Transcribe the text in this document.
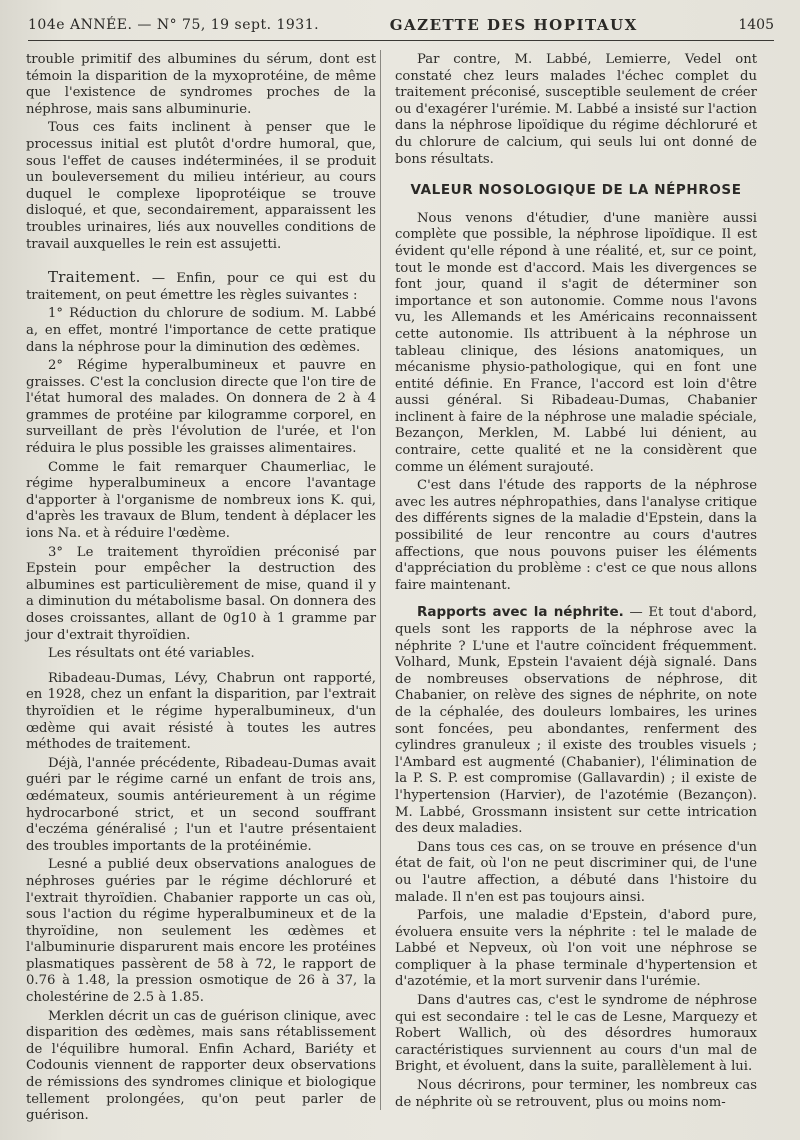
104e ANNÉE. — N° 75, 19 sept. 1931.	GAZETTE DES HOPITAUX	1405

trouble primitif des albumines du sérum, dont est témoin la disparition de la myxoprotéine, de même que l'existence de syndromes proches de la néphrose, mais sans albuminurie.

Tous ces faits inclinent à penser que le processus initial est plutôt d'ordre humoral, que, sous l'effet de causes indéterminées, il se produit un bouleversement du milieu intérieur, au cours duquel le complexe lipoprotéique se trouve disloqué, et que, secondairement, apparaissent les troubles urinaires, liés aux nouvelles conditions de travail auxquelles le rein est assujetti.

Traitement. — Enfin, pour ce qui est du traitement, on peut émettre les règles suivantes :

1° Réduction du chlorure de sodium. M. Labbé a, en effet, montré l'importance de cette pratique dans la néphrose pour la diminution des œdèmes.

2° Régime hyperalbumineux et pauvre en graisses. C'est la conclusion directe que l'on tire de l'état humoral des malades. On donnera de 2 à 4 grammes de protéine par kilogramme corporel, en surveillant de près l'évolution de l'urée, et l'on réduira le plus possible les graisses alimentaires.

Comme le fait remarquer Chaumerliac, le régime hyperalbumineux a encore l'avantage d'apporter à l'organisme de nombreux ions K. qui, d'après les travaux de Blum, tendent à déplacer les ions Na. et à réduire l'œdème.

3° Le traitement thyroïdien préconisé par Epstein pour empêcher la destruction des albumines est particulièrement de mise, quand il y a diminution du métabolisme basal. On donnera des doses croissantes, allant de 0g10 à 1 gramme par jour d'extrait thyroïdien.

Les résultats ont été variables.

Ribadeau-Dumas, Lévy, Chabrun ont rapporté, en 1928, chez un enfant la disparition, par l'extrait thyroïdien et le régime hyperalbumineux, d'un œdème qui avait résisté à toutes les autres méthodes de traitement.

Déjà, l'année précédente, Ribadeau-Dumas avait guéri par le régime carné un enfant de trois ans, œdémateux, soumis antérieurement à un régime hydrocarboné strict, et un second souffrant d'eczéma généralisé ; l'un et l'autre présentaient des troubles importants de la protéinémie.

Lesné a publié deux observations analogues de néphroses guéries par le régime déchloruré et l'extrait thyroïdien. Chabanier rapporte un cas où, sous l'action du régime hyperalbumineux et de la thyroïdine, non seulement les œdèmes et l'albuminurie disparurent mais encore les protéines plasmatiques passèrent de 58 à 72, le rapport de 0.76 à 1.48, la pression osmotique de 26 à 37, la cholestérine de 2.5 à 1.85.

Merklen décrit un cas de guérison clinique, avec disparition des œdèmes, mais sans rétablissement de l'équilibre humoral. Enfin Achard, Bariéty et Codounis viennent de rapporter deux observations de rémissions des syndromes clinique et biologique tellement prolongées, qu'on peut parler de guérison.

Par contre, M. Labbé, Lemierre, Vedel ont constaté chez leurs malades l'échec complet du traitement préconisé, susceptible seulement de créer ou d'exagérer l'urémie. M. Labbé a insisté sur l'action dans la néphrose lipoïdique du régime déchloruré et du chlorure de calcium, qui seuls lui ont donné de bons résultats.

VALEUR NOSOLOGIQUE DE LA NÉPHROSE

Nous venons d'étudier, d'une manière aussi complète que possible, la néphrose lipoïdique. Il est évident qu'elle répond à une réalité, et, sur ce point, tout le monde est d'accord. Mais les divergences se font jour, quand il s'agit de déterminer son importance et son autonomie. Comme nous l'avons vu, les Allemands et les Américains reconnaissent cette autonomie. Ils attribuent à la néphrose un tableau clinique, des lésions anatomiques, un mécanisme physio-pathologique, qui en font une entité définie. En France, l'accord est loin d'être aussi général. Si Ribadeau-Dumas, Chabanier inclinent à faire de la néphrose une maladie spéciale, Bezançon, Merklen, M. Labbé lui dénient, au contraire, cette qualité et ne la considèrent que comme un élément surajouté.

C'est dans l'étude des rapports de la néphrose avec les autres néphropathies, dans l'analyse critique des différents signes de la maladie d'Epstein, dans la possibilité de leur rencontre au cours d'autres affections, que nous pouvons puiser les éléments d'appréciation du problème : c'est ce que nous allons faire maintenant.

Rapports avec la néphrite. — Et tout d'abord, quels sont les rapports de la néphrose avec la néphrite ? L'une et l'autre coïncident fréquemment. Volhard, Munk, Epstein l'avaient déjà signalé. Dans de nombreuses observations de néphrose, dit Chabanier, on relève des signes de néphrite, on note de la céphalée, des douleurs lombaires, les urines sont foncées, peu abondantes, renferment des cylindres granuleux ; il existe des troubles visuels ; l'Ambard est augmenté (Chabanier), l'élimination de la P. S. P. est compromise (Gallavardin) ; il existe de l'hypertension (Harvier), de l'azotémie (Bezançon). M. Labbé, Grossmann insistent sur cette intrication des deux maladies.

Dans tous ces cas, on se trouve en présence d'un état de fait, où l'on ne peut discriminer qui, de l'une ou l'autre affection, a débuté dans l'histoire du malade. Il n'en est pas toujours ainsi.

Parfois, une maladie d'Epstein, d'abord pure, évoluera ensuite vers la néphrite : tel le malade de Labbé et Nepveux, où l'on voit une néphrose se compliquer à la phase terminale d'hypertension et d'azotémie, et la mort survenir dans l'urémie.

Dans d'autres cas, c'est le syndrome de néphrose qui est secondaire : tel le cas de Lesne, Marquezy et Robert Wallich, où des désordres humoraux caractéristiques surviennent au cours d'un mal de Bright, et évoluent, dans la suite, parallèlement à lui.

Nous décrirons, pour terminer, les nombreux cas de néphrite où se retrouvent, plus ou moins nom-
